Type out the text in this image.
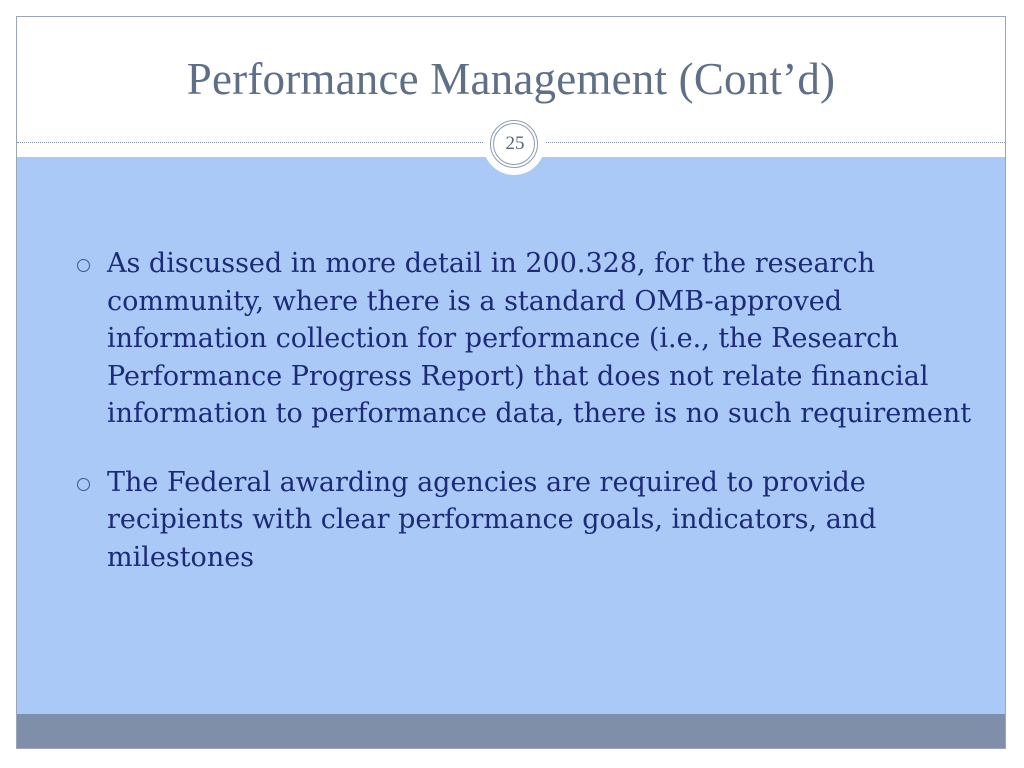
Performance Management (Cont’d)
25
As discussed in more detail in 200.328, for the research community, where there is a standard OMB-approved information collection for performance (i.e., the Research Performance Progress Report) that does not relate financial information to performance data, there is no such requirement
The Federal awarding agencies are required to provide recipients with clear performance goals, indicators, and milestones
